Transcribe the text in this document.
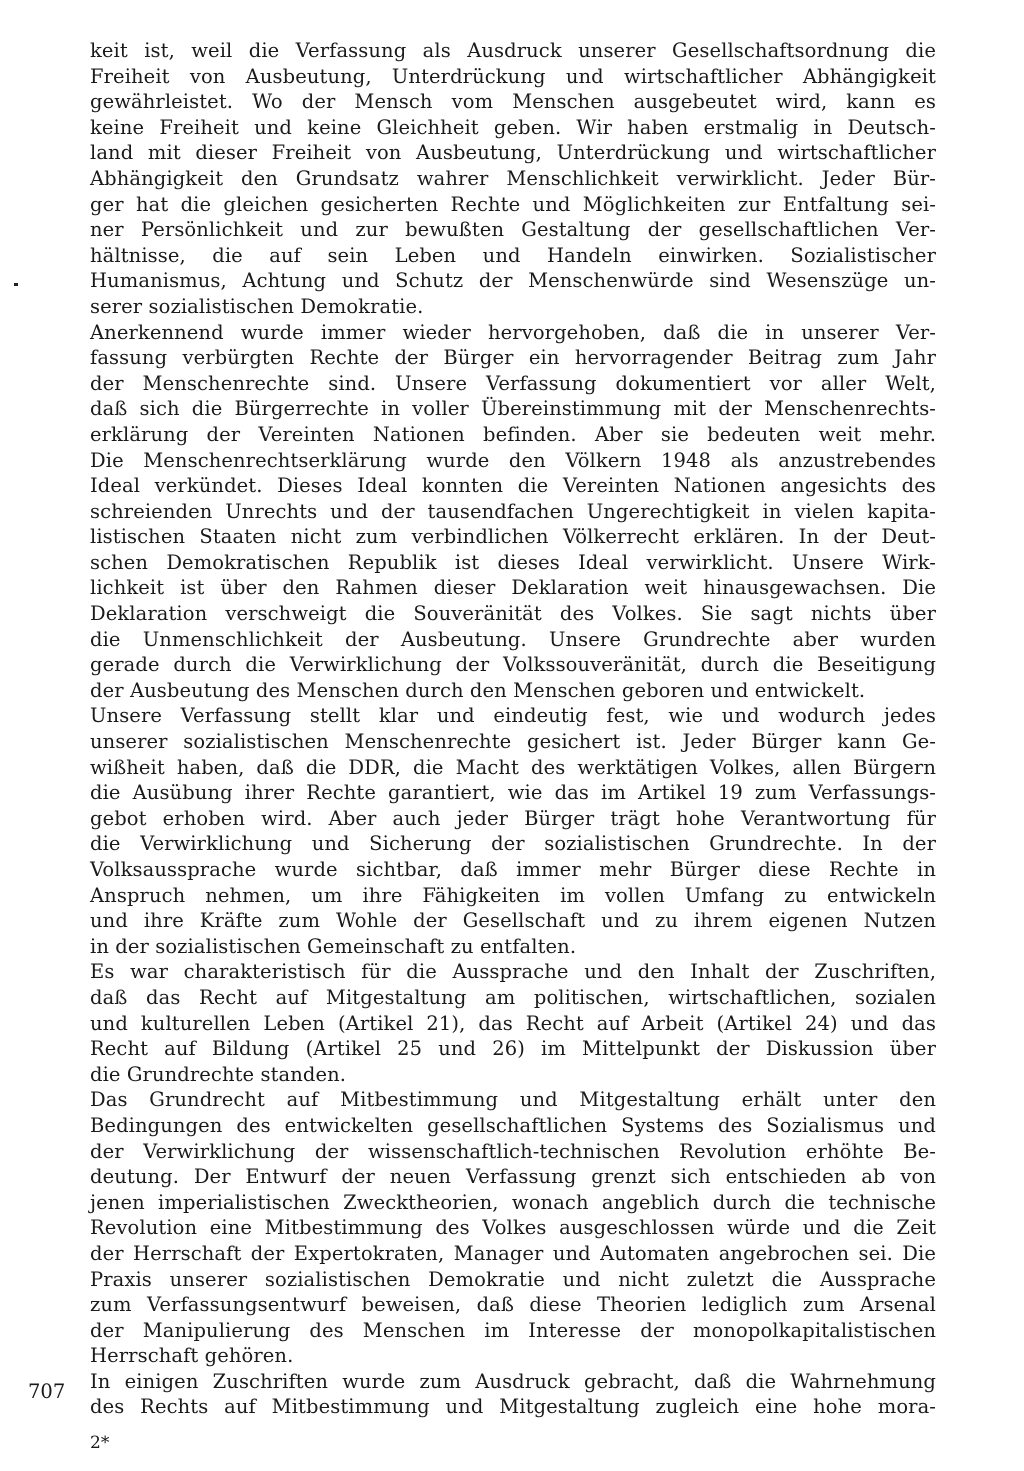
keit ist, weil die Verfassung als Ausdruck unserer Gesellschaftsordnung die
Freiheit von Ausbeutung, Unterdrückung und wirtschaftlicher Abhängigkeit
gewährleistet. Wo der Mensch vom Menschen ausgebeutet wird, kann es
keine Freiheit und keine Gleichheit geben. Wir haben erstmalig in Deutsch-
land mit dieser Freiheit von Ausbeutung, Unterdrückung und wirtschaftlicher
Abhängigkeit den Grundsatz wahrer Menschlichkeit verwirklicht. Jeder Bür-
ger hat die gleichen gesicherten Rechte und Möglichkeiten zur Entfaltung sei-
ner Persönlichkeit und zur bewußten Gestaltung der gesellschaftlichen Ver-
hältnisse, die auf sein Leben und Handeln einwirken. Sozialistischer
Humanismus, Achtung und Schutz der Menschenwürde sind Wesenszüge un-
serer sozialistischen Demokratie.
Anerkennend wurde immer wieder hervorgehoben, daß die in unserer Ver-
fassung verbürgten Rechte der Bürger ein hervorragender Beitrag zum Jahr
der Menschenrechte sind. Unsere Verfassung dokumentiert vor aller Welt,
daß sich die Bürgerrechte in voller Übereinstimmung mit der Menschenrechts-
erklärung der Vereinten Nationen befinden. Aber sie bedeuten weit mehr.
Die Menschenrechtserklärung wurde den Völkern 1948 als anzustrebendes
Ideal verkündet. Dieses Ideal konnten die Vereinten Nationen angesichts des
schreienden Unrechts und der tausendfachen Ungerechtigkeit in vielen kapita-
listischen Staaten nicht zum verbindlichen Völkerrecht erklären. In der Deut-
schen Demokratischen Republik ist dieses Ideal verwirklicht. Unsere Wirk-
lichkeit ist über den Rahmen dieser Deklaration weit hinausgewachsen. Die
Deklaration verschweigt die Souveränität des Volkes. Sie sagt nichts über
die Unmenschlichkeit der Ausbeutung. Unsere Grundrechte aber wurden
gerade durch die Verwirklichung der Volkssouveränität, durch die Beseitigung
der Ausbeutung des Menschen durch den Menschen geboren und entwickelt.
Unsere Verfassung stellt klar und eindeutig fest, wie und wodurch jedes
unserer sozialistischen Menschenrechte gesichert ist. Jeder Bürger kann Ge-
wißheit haben, daß die DDR, die Macht des werktätigen Volkes, allen Bürgern
die Ausübung ihrer Rechte garantiert, wie das im Artikel 19 zum Verfassungs-
gebot erhoben wird. Aber auch jeder Bürger trägt hohe Verantwortung für
die Verwirklichung und Sicherung der sozialistischen Grundrechte. In der
Volksaussprache wurde sichtbar, daß immer mehr Bürger diese Rechte in
Anspruch nehmen, um ihre Fähigkeiten im vollen Umfang zu entwickeln
und ihre Kräfte zum Wohle der Gesellschaft und zu ihrem eigenen Nutzen
in der sozialistischen Gemeinschaft zu entfalten.
Es war charakteristisch für die Aussprache und den Inhalt der Zuschriften,
daß das Recht auf Mitgestaltung am politischen, wirtschaftlichen, sozialen
und kulturellen Leben (Artikel 21), das Recht auf Arbeit (Artikel 24) und das
Recht auf Bildung (Artikel 25 und 26) im Mittelpunkt der Diskussion über
die Grundrechte standen.
Das Grundrecht auf Mitbestimmung und Mitgestaltung erhält unter den
Bedingungen des entwickelten gesellschaftlichen Systems des Sozialismus und
der Verwirklichung der wissenschaftlich-technischen Revolution erhöhte Be-
deutung. Der Entwurf der neuen Verfassung grenzt sich entschieden ab von
jenen imperialistischen Zwecktheorien, wonach angeblich durch die technische
Revolution eine Mitbestimmung des Volkes ausgeschlossen würde und die Zeit
der Herrschaft der Expertokraten, Manager und Automaten angebrochen sei. Die
Praxis unserer sozialistischen Demokratie und nicht zuletzt die Aussprache
zum Verfassungsentwurf beweisen, daß diese Theorien lediglich zum Arsenal
der Manipulierung des Menschen im Interesse der monopolkapitalistischen
Herrschaft gehören.
In einigen Zuschriften wurde zum Ausdruck gebracht, daß die Wahrnehmung
des Rechts auf Mitbestimmung und Mitgestaltung zugleich eine hohe mora-
707
2*
